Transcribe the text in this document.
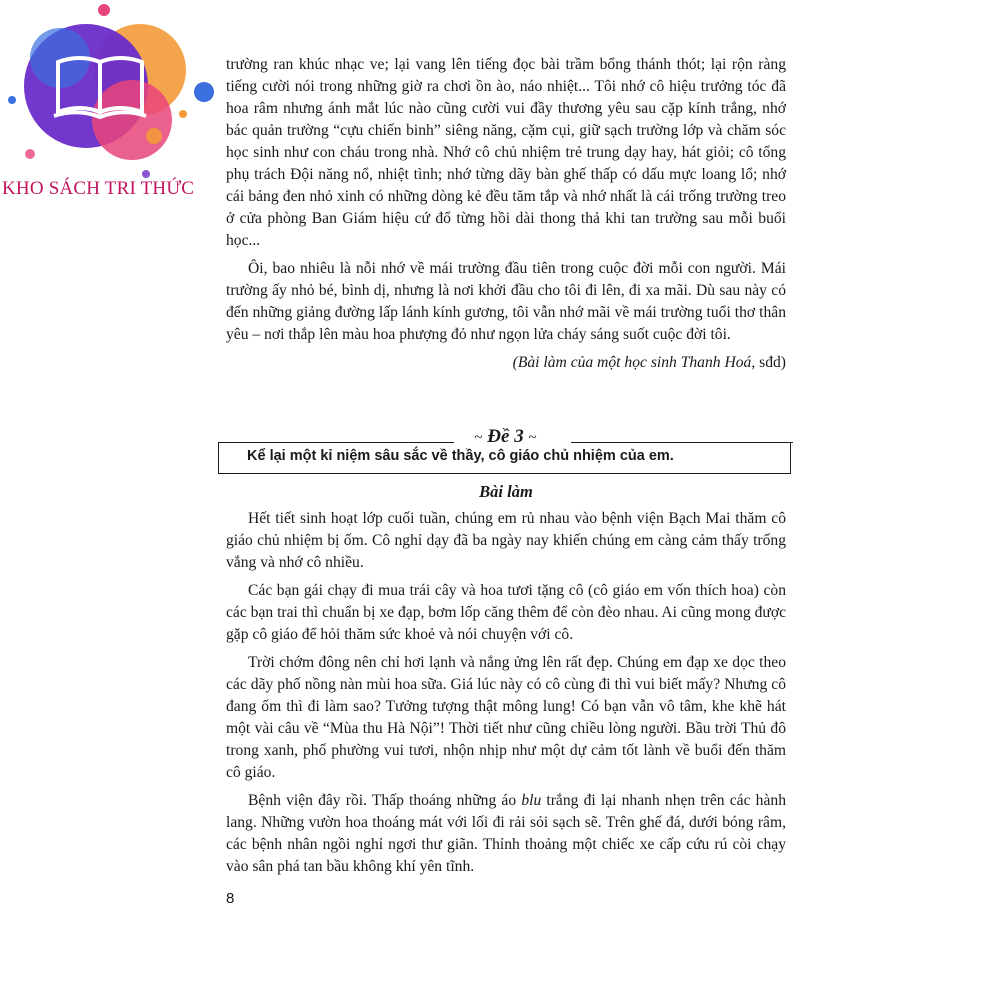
KHO SÁCH TRI THỨC

trường ran khúc nhạc ve; lại vang lên tiếng đọc bài trầm bổng thánh thót; lại rộn ràng tiếng cười nói trong những giờ ra chơi ồn ào, náo nhiệt... Tôi nhớ cô hiệu trưởng tóc đã hoa râm nhưng ánh mắt lúc nào cũng cười vui đầy thương yêu sau cặp kính trắng, nhớ bác quản trường “cựu chiến binh” siêng năng, cặm cụi, giữ sạch trường lớp và chăm sóc học sinh như con cháu trong nhà. Nhớ cô chủ nhiệm trẻ trung dạy hay, hát giỏi; cô tổng phụ trách Đội năng nổ, nhiệt tình; nhớ từng dãy bàn ghế thấp có dấu mực loang lổ; nhớ cái bảng đen nhỏ xinh có những dòng kẻ đều tăm tắp và nhớ nhất là cái trống trường treo ở cửa phòng Ban Giám hiệu cứ đổ từng hồi dài thong thả khi tan trường sau mỗi buổi học...

Ôi, bao nhiêu là nỗi nhớ về mái trường đầu tiên trong cuộc đời mỗi con người. Mái trường ấy nhỏ bé, bình dị, nhưng là nơi khởi đầu cho tôi đi lên, đi xa mãi. Dù sau này có đến những giảng đường lấp lánh kính gương, tôi vẫn nhớ mãi về mái trường tuổi thơ thân yêu – nơi thắp lên màu hoa phượng đỏ như ngọn lửa cháy sáng suốt cuộc đời tôi.

(Bài làm của một học sinh Thanh Hoá, sđd)

~ Đề 3 ~
Kể lại một kỉ niệm sâu sắc về thầy, cô giáo chủ nhiệm của em.
Bài làm

Hết tiết sinh hoạt lớp cuối tuần, chúng em rủ nhau vào bệnh viện Bạch Mai thăm cô giáo chủ nhiệm bị ốm. Cô nghỉ dạy đã ba ngày nay khiến chúng em càng cảm thấy trống vắng và nhớ cô nhiều.

Các bạn gái chạy đi mua trái cây và hoa tươi tặng cô (cô giáo em vốn thích hoa) còn các bạn trai thì chuẩn bị xe đạp, bơm lốp căng thêm để còn đèo nhau. Ai cũng mong được gặp cô giáo để hỏi thăm sức khoẻ và nói chuyện với cô.

Trời chớm đông nên chỉ hơi lạnh và nắng ửng lên rất đẹp. Chúng em đạp xe dọc theo các dãy phố nồng nàn mùi hoa sữa. Giá lúc này có cô cùng đi thì vui biết mấy? Nhưng cô đang ốm thì đi làm sao? Tưởng tượng thật mông lung! Có bạn vẫn vô tâm, khe khẽ hát một vài câu về “Mùa thu Hà Nội”! Thời tiết như cũng chiều lòng người. Bầu trời Thủ đô trong xanh, phố phường vui tươi, nhộn nhịp như một dự cảm tốt lành về buổi đến thăm cô giáo.

Bệnh viện đây rồi. Thấp thoáng những áo blu trắng đi lại nhanh nhẹn trên các hành lang. Những vườn hoa thoáng mát với lối đi rải sỏi sạch sẽ. Trên ghế đá, dưới bóng râm, các bệnh nhân ngồi nghỉ ngơi thư giãn. Thỉnh thoảng một chiếc xe cấp cứu rú còi chạy vào sân phá tan bầu không khí yên tĩnh.

8
